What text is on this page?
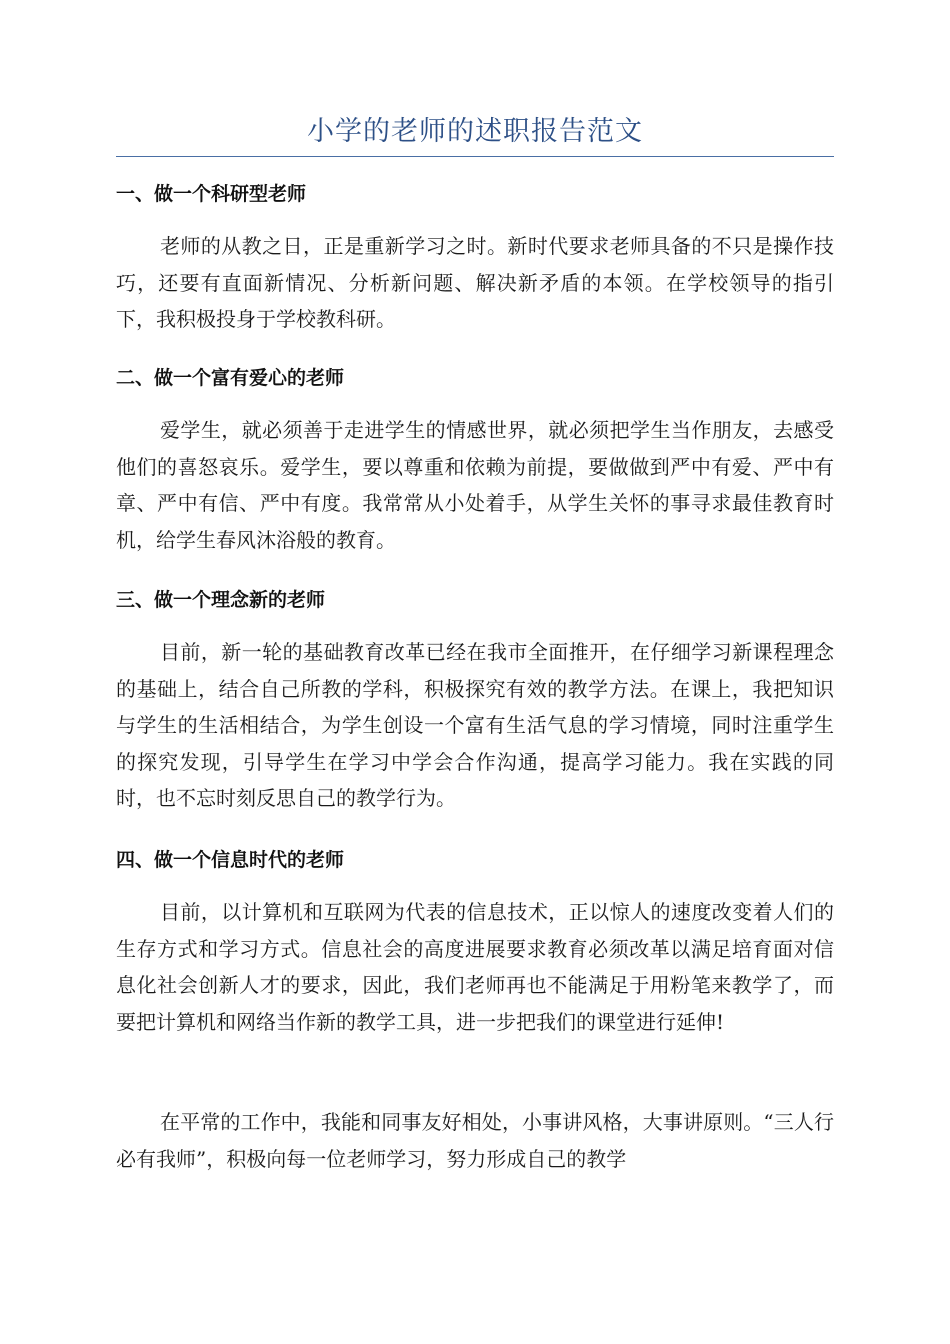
小学的老师的述职报告范文
一、做一个科研型老师

老师的从教之日，正是重新学习之时。新时代要求老师具备的不只是操作技巧，还要有直面新情况、分析新问题、解决新矛盾的本领。在学校领导的指引下，我积极投身于学校教科研。

二、做一个富有爱心的老师

爱学生，就必须善于走进学生的情感世界，就必须把学生当作朋友，去感受他们的喜怒哀乐。爱学生，要以尊重和依赖为前提，要做做到严中有爱、严中有章、严中有信、严中有度。我常常从小处着手，从学生关怀的事寻求最佳教育时机，给学生春风沐浴般的教育。

三、做一个理念新的老师

目前，新一轮的基础教育改革已经在我市全面推开，在仔细学习新课程理念的基础上，结合自己所教的学科，积极探究有效的教学方法。在课上，我把知识与学生的生活相结合，为学生创设一个富有生活气息的学习情境，同时注重学生的探究发现，引导学生在学习中学会合作沟通，提高学习能力。我在实践的同时，也不忘时刻反思自己的教学行为。

四、做一个信息时代的老师

目前，以计算机和互联网为代表的信息技术，正以惊人的速度改变着人们的生存方式和学习方式。信息社会的高度进展要求教育必须改革以满足培育面对信息化社会创新人才的要求，因此，我们老师再也不能满足于用粉笔来教学了，而要把计算机和网络当作新的教学工具，进一步把我们的课堂进行延伸!

在平常的工作中，我能和同事友好相处，小事讲风格，大事讲原则。“三人行必有我师”，积极向每一位老师学习，努力形成自己的教学
